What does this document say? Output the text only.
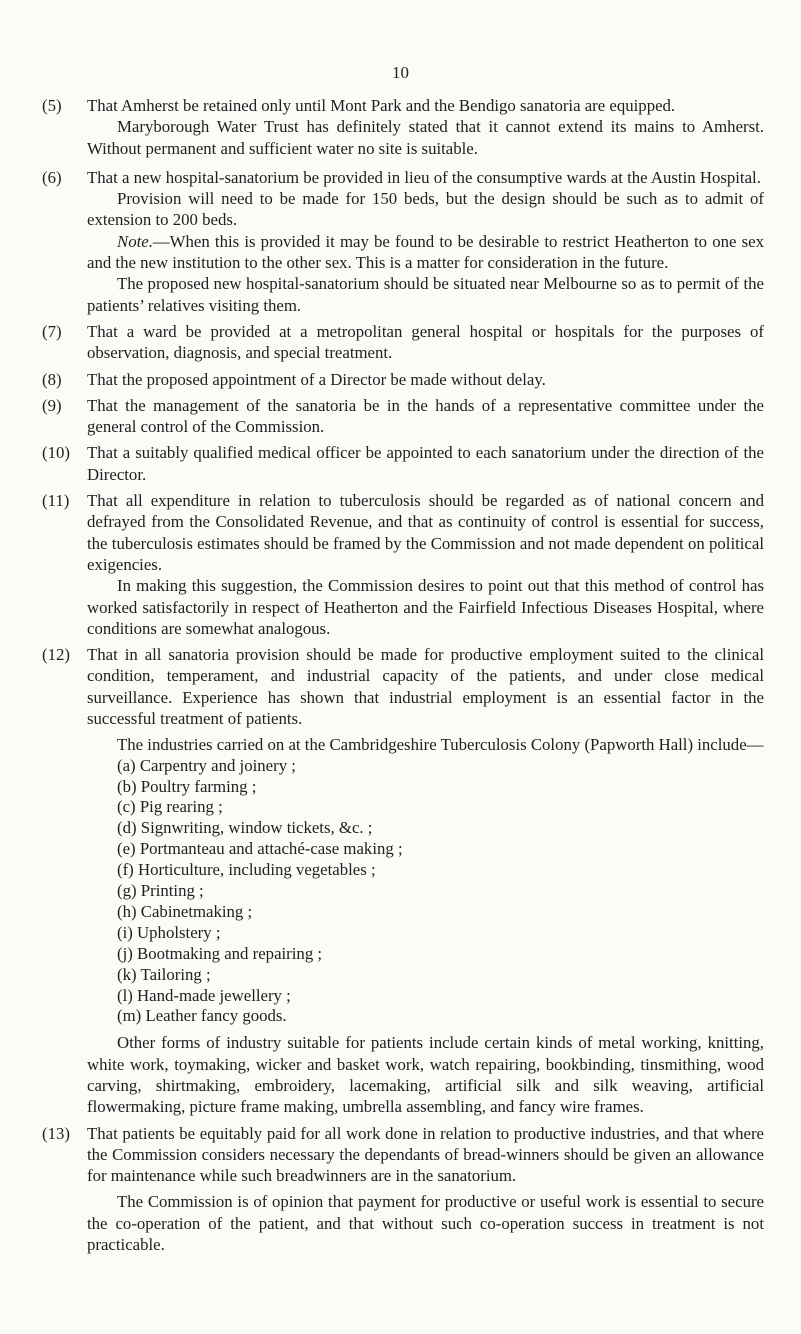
10
(5) That Amherst be retained only until Mont Park and the Bendigo sanatoria are equipped.

Maryborough Water Trust has definitely stated that it cannot extend its mains to Amherst. Without permanent and sufficient water no site is suitable.

(6) That a new hospital-sanatorium be provided in lieu of the consumptive wards at the Austin Hospital.

Provision will need to be made for 150 beds, but the design should be such as to admit of extension to 200 beds.

Note.—When this is provided it may be found to be desirable to restrict Heatherton to one sex and the new institution to the other sex. This is a matter for consideration in the future.

The proposed new hospital-sanatorium should be situated near Melbourne so as to permit of the patients’ relatives visiting them.

(7) That a ward be provided at a metropolitan general hospital or hospitals for the purposes of observation, diagnosis, and special treatment.

(8) That the proposed appointment of a Director be made without delay.

(9) That the management of the sanatoria be in the hands of a representative committee under the general control of the Commission.

(10) That a suitably qualified medical officer be appointed to each sanatorium under the direction of the Director.

(11) That all expenditure in relation to tuberculosis should be regarded as of national concern and defrayed from the Consolidated Revenue, and that as continuity of control is essential for success, the tuberculosis estimates should be framed by the Commission and not made dependent on political exigencies.

In making this suggestion, the Commission desires to point out that this method of control has worked satisfactorily in respect of Heatherton and the Fairfield Infectious Diseases Hospital, where conditions are somewhat analogous.

(12) That in all sanatoria provision should be made for productive employment suited to the clinical condition, temperament, and industrial capacity of the patients, and under close medical surveillance. Experience has shown that industrial employment is an essential factor in the successful treatment of patients.

The industries carried on at the Cambridgeshire Tuberculosis Colony (Papworth Hall) include—

(a) Carpentry and joinery ;
(b) Poultry farming ;
(c) Pig rearing ;
(d) Signwriting, window tickets, &c. ;
(e) Portmanteau and attaché-case making ;
(f) Horticulture, including vegetables ;
(g) Printing ;
(h) Cabinetmaking ;
(i) Upholstery ;
(j) Bootmaking and repairing ;
(k) Tailoring ;
(l) Hand-made jewellery ;
(m) Leather fancy goods.

Other forms of industry suitable for patients include certain kinds of metal working, knitting, white work, toymaking, wicker and basket work, watch repairing, bookbinding, tinsmithing, wood carving, shirtmaking, embroidery, lacemaking, artificial silk and silk weaving, artificial flowermaking, picture frame making, umbrella assembling, and fancy wire frames.

(13) That patients be equitably paid for all work done in relation to productive industries, and that where the Commission considers necessary the dependants of bread-winners should be given an allowance for maintenance while such breadwinners are in the sanatorium.

The Commission is of opinion that payment for productive or useful work is essential to secure the co-operation of the patient, and that without such co-operation success in treatment is not practicable.
